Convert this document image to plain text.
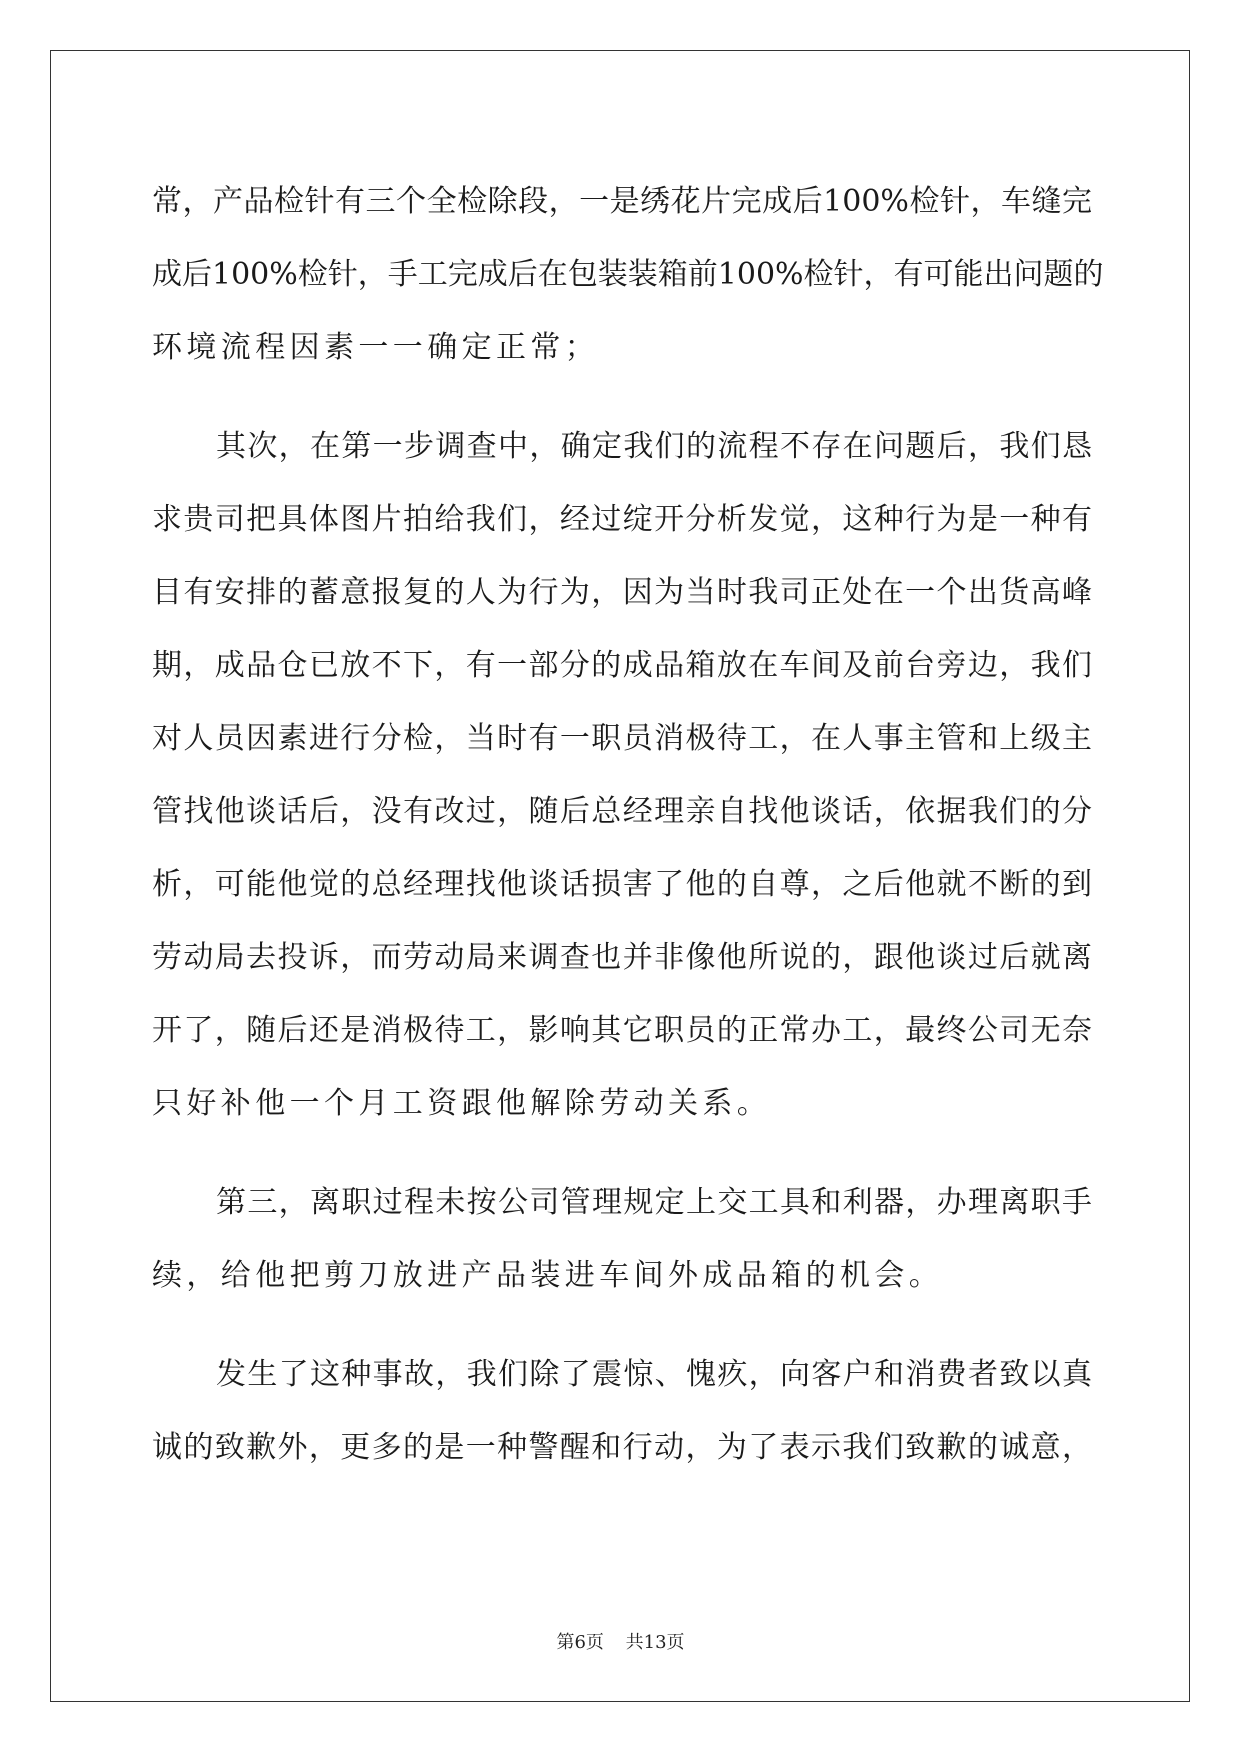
常，产品检针有三个全检除段，一是绣花片完成后100%检针，车缝完
成后100%检针，手工完成后在包装装箱前100%检针，有可能出问题的
环境流程因素一一确定正常；
其次，在第一步调查中，确定我们的流程不存在问题后，我们恳
求贵司把具体图片拍给我们，经过绽开分析发觉，这种行为是一种有
目有安排的蓄意报复的人为行为，因为当时我司正处在一个出货高峰
期，成品仓已放不下，有一部分的成品箱放在车间及前台旁边，我们
对人员因素进行分检，当时有一职员消极待工，在人事主管和上级主
管找他谈话后，没有改过，随后总经理亲自找他谈话，依据我们的分
析，可能他觉的总经理找他谈话损害了他的自尊，之后他就不断的到
劳动局去投诉，而劳动局来调查也并非像他所说的，跟他谈过后就离
开了，随后还是消极待工，影响其它职员的正常办工，最终公司无奈
只好补他一个月工资跟他解除劳动关系。
第三，离职过程未按公司管理规定上交工具和利器，办理离职手
续，给他把剪刀放进产品装进车间外成品箱的机会。
发生了这种事故，我们除了震惊、愧疚，向客户和消费者致以真
诚的致歉外，更多的是一种警醒和行动，为了表示我们致歉的诚意，
第6页 共13页
